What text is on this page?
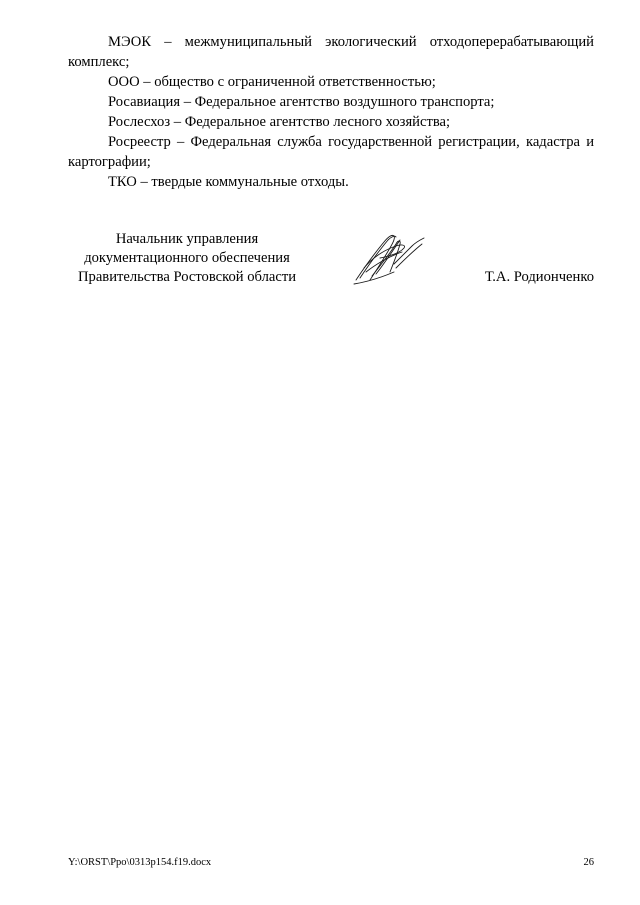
МЭОК – межмуниципальный экологический отходоперерабатывающий комплекс;

ООО – общество с ограниченной ответственностью;

Росавиация – Федеральное агентство воздушного транспорта;

Рослесхоз – Федеральное агентство лесного хозяйства;

Росреестр – Федеральная служба государственной регистрации, кадастра и картографии;

ТКО – твердые коммунальные отходы.

Начальник управления
документационного обеспечения
Правительства Ростовской области	Т.А. Родионченко
Y:\ORST\Ppo\0313p154.f19.docx	26
